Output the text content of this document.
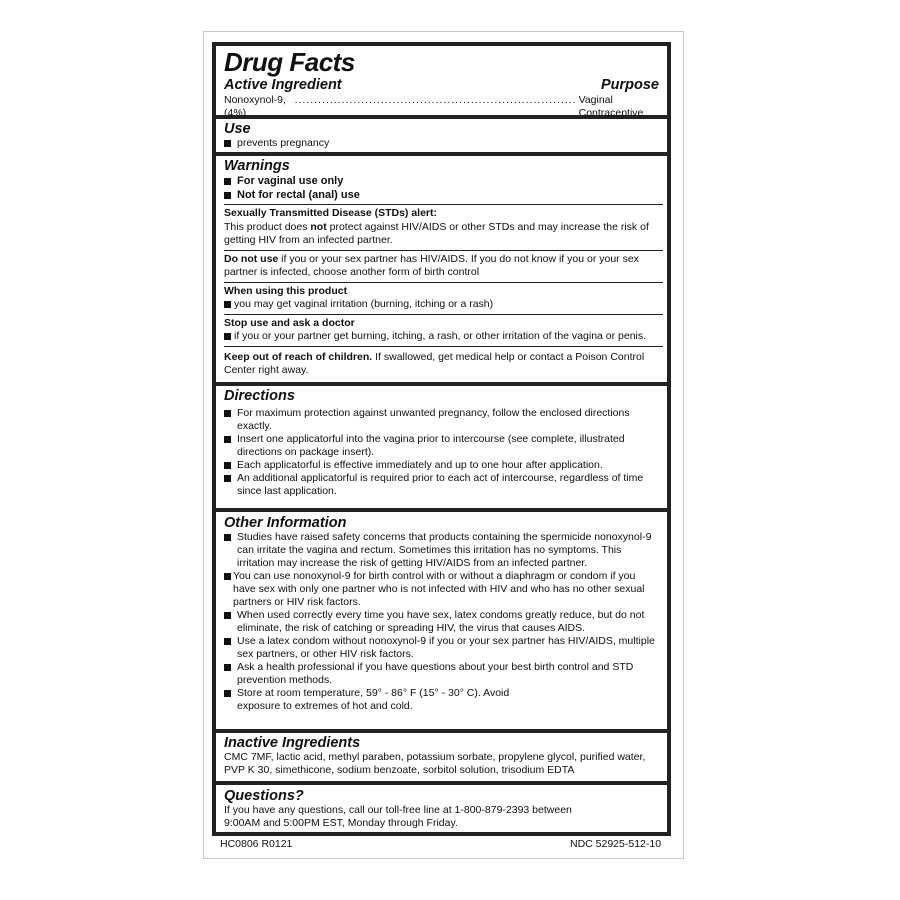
Drug Facts
Active Ingredient	Purpose
Nonoxynol-9, (4%)
........................................................................ Vaginal Contraceptive
Use
prevents pregnancy
Warnings
For vaginal use only
Not for rectal (anal) use
Sexually Transmitted Disease (STDs) alert:
This product does not protect against HIV/AIDS or other STDs and may increase the risk of getting HIV from an infected partner.
Do not use if you or your sex partner has HIV/AIDS. If you do not know if you or your sex partner is infected, choose another form of birth control
When using this product
you may get vaginal irritation (burning, itching or a rash)
Stop use and ask a doctor
if you or your partner get burning, itching, a rash, or other irritation of the vagina or penis.
Keep out of reach of children. If swallowed, get medical help or contact a Poison Control Center right away.
Directions
For maximum protection against unwanted pregnancy, follow the enclosed directions exactly.
Insert one applicatorful into the vagina prior to intercourse (see complete, illustrated directions on package insert).
Each applicatorful is effective immediately and up to one hour after application.
An additional applicatorful is required prior to each act of intercourse, regardless of time since last application.
Other Information
Studies have raised safety concerns that products containing the spermicide nonoxynol-9 can irritate the vagina and rectum. Sometimes this irritation has no symptoms. This irritation may increase the risk of getting HIV/AIDS from an infected partner.
You can use nonoxynol-9 for birth control with or without a diaphragm or condom if you have sex with only one partner who is not infected with HIV and who has no other sexual partners or HIV risk factors.
When used correctly every time you have sex, latex condoms greatly reduce, but do not eliminate, the risk of catching or spreading HIV, the virus that causes AIDS.
Use a latex condom without nonoxynol-9 if you or your sex partner has HIV/AIDS, multiple sex partners, or other HIV risk factors.
Ask a health professional if you have questions about your best birth control and STD prevention methods.
Store at room temperature, 59° - 86° F (15° - 30° C). Avoid exposure to extremes of hot and cold.
Inactive Ingredients
CMC 7MF, lactic acid, methyl paraben, potassium sorbate, propylene glycol, purified water, PVP K 30, simethicone, sodium benzoate, sorbitol solution, trisodium EDTA
Questions?
If you have any questions, call our toll-free line at 1-800-879-2393 between 9:00AM and 5:00PM EST, Monday through Friday.
HC0806 R0121	NDC 52925-512-10
